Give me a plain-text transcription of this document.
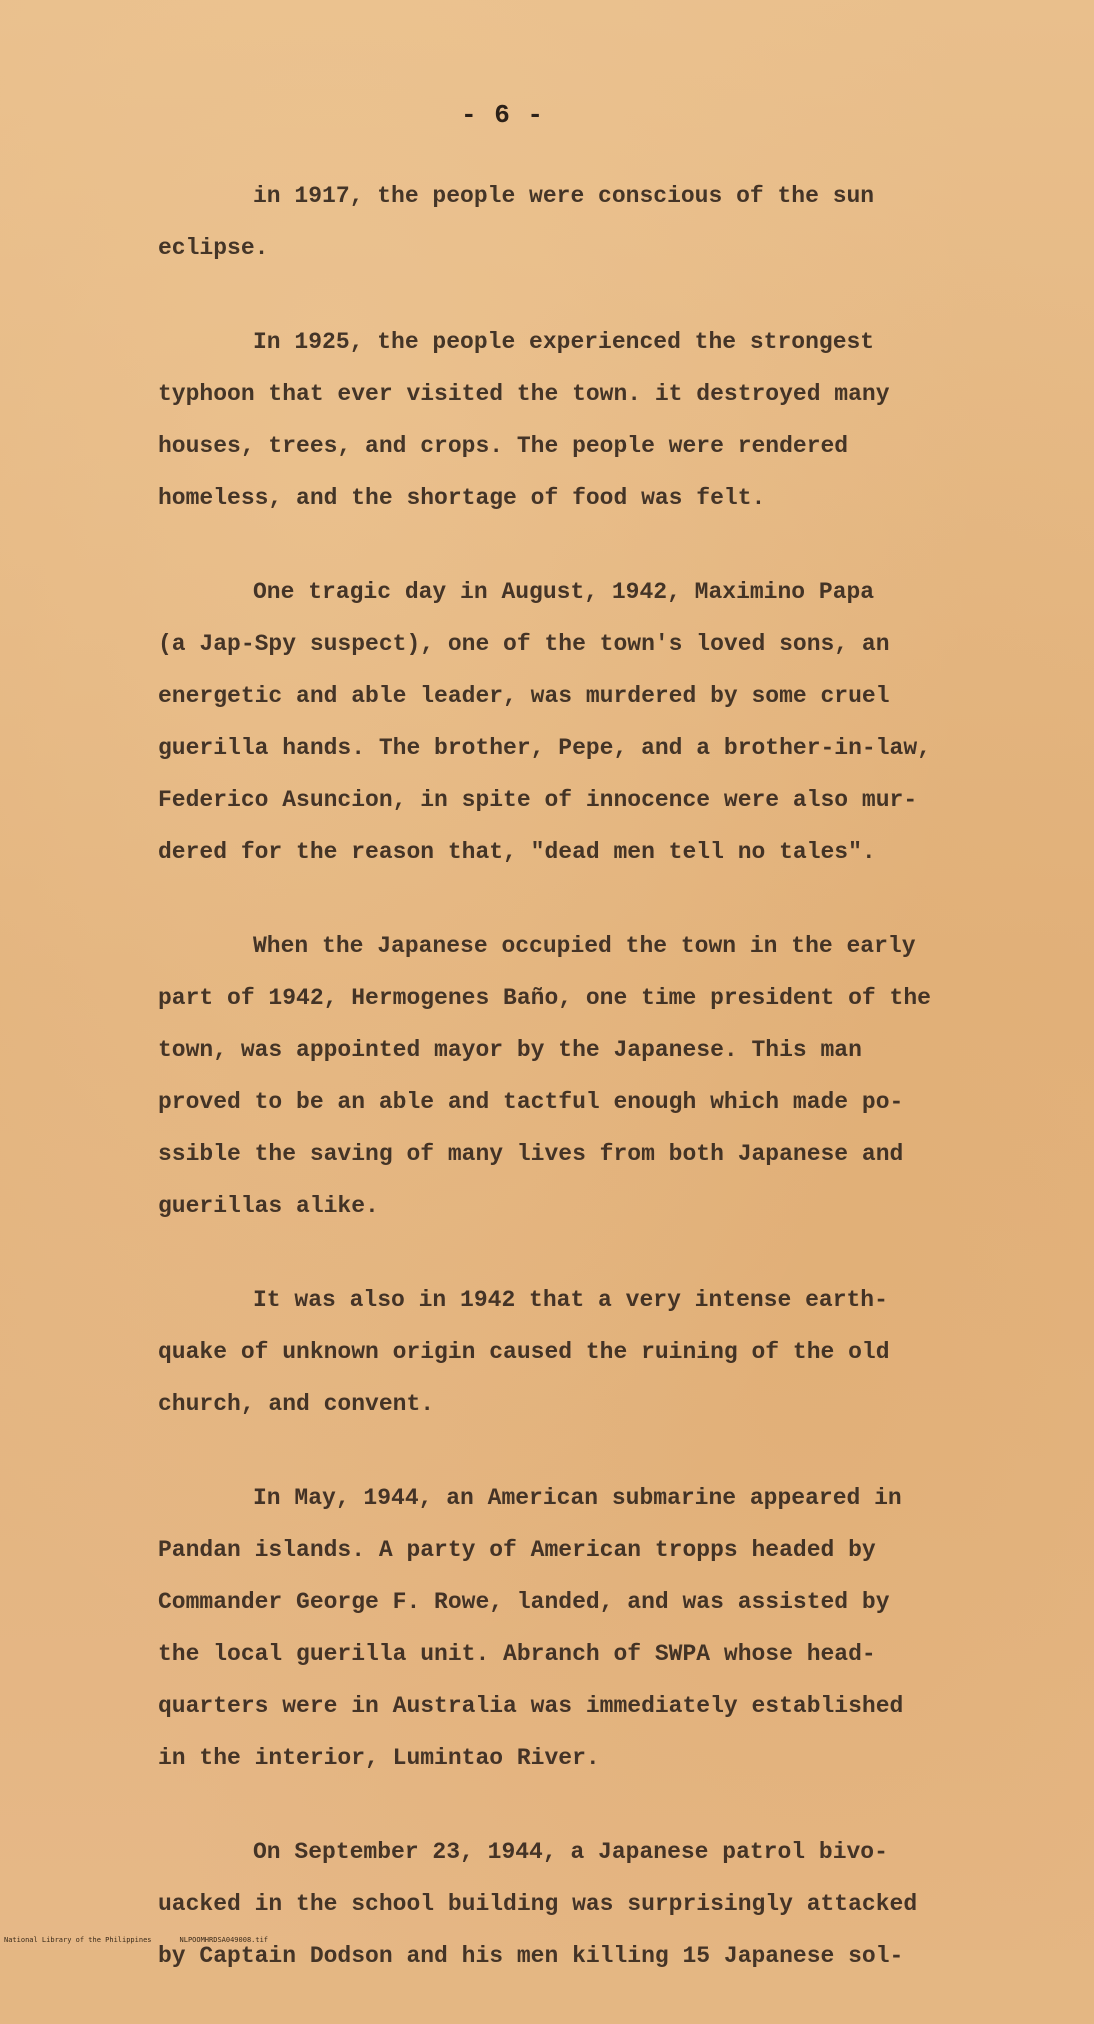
- 6 -
in 1917, the people were conscious of the sun
eclipse.
In 1925, the people experienced the strongest
typhoon that ever visited the town. it destroyed many
houses, trees, and crops. The people were rendered
homeless, and the shortage of food was felt.
One tragic day in August, 1942, Maximino Papa
(a Jap-Spy suspect), one of the town's loved sons, an
energetic and able leader, was murdered by some cruel
guerilla hands. The brother, Pepe, and a brother-in-law,
Federico Asuncion, in spite of innocence were also mur-
dered for the reason that, "dead men tell no tales".
When the Japanese occupied the town in the early
part of 1942, Hermogenes Baño, one time president of the
town, was appointed mayor by the Japanese. This man
proved to be an able and tactful enough which made po-
ssible the saving of many lives from both Japanese and
guerillas alike.
It was also in 1942 that a very intense earth-
quake of unknown origin caused the ruining of the old
church, and convent.
In May, 1944, an American submarine appeared in
Pandan islands. A party of American tropps headed by
Commander George F. Rowe, landed, and was assisted by
the local guerilla unit. Abranch of SWPA whose head-
quarters were in Australia was immediately established
in the interior, Lumintao River.
On September 23, 1944, a Japanese patrol bivo-
uacked in the school building was surprisingly attacked
by Captain Dodson and his men killing 15 Japanese sol-
National Library of the Philippines	NLPOOMHRDSA049008.tif
